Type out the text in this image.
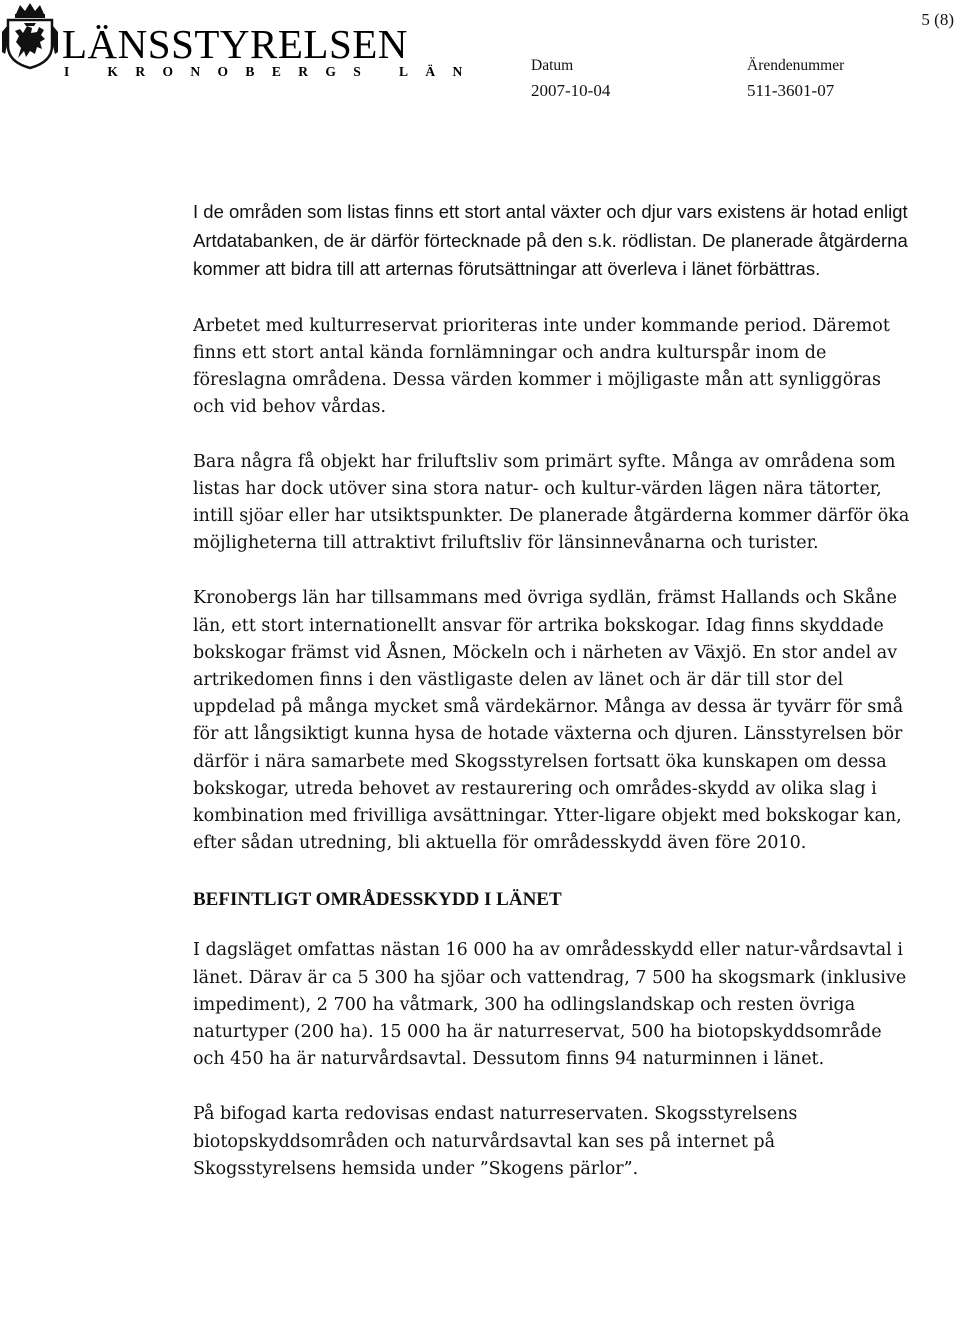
LÄNSSTYRELSEN
I KRONOBERGS LÄN
5 (8)
Datum
2007-10-04
Ärendenummer
511-3601-07

I de områden som listas finns ett stort antal växter och djur vars existens är hotad enligt Artdatabanken, de är därför förtecknade på den s.k. rödlistan. De planerade åtgärderna kommer att bidra till att arternas förutsättningar att överleva i länet förbättras.

Arbetet med kulturreservat prioriteras inte under kommande period. Däremot finns ett stort antal kända fornlämningar och andra kulturspår inom de föreslagna områdena. Dessa värden kommer i möjligaste mån att synliggöras och vid behov vårdas.

Bara några få objekt har friluftsliv som primärt syfte. Många av områdena som listas har dock utöver sina stora natur- och kultur-värden lägen nära tätorter, intill sjöar eller har utsiktspunkter. De planerade åtgärderna kommer därför öka möjligheterna till attraktivt friluftsliv för länsinnevånarna och turister.

Kronobergs län har tillsammans med övriga sydlän, främst Hallands och Skåne län, ett stort internationellt ansvar för artrika bokskogar. Idag finns skyddade bokskogar främst vid Åsnen, Möckeln och i närheten av Växjö. En stor andel av artrikedomen finns i den västligaste delen av länet och är där till stor del uppdelad på många mycket små värdekärnor. Många av dessa är tyvärr för små för att långsiktigt kunna hysa de hotade växterna och djuren. Länsstyrelsen bör därför i nära samarbete med Skogsstyrelsen fortsatt öka kunskapen om dessa bokskogar, utreda behovet av restaurering och områdes-skydd av olika slag i kombination med frivilliga avsättningar. Ytter-ligare objekt med bokskogar kan, efter sådan utredning, bli aktuella för områdesskydd även före 2010.

BEFINTLIGT OMRÅDESSKYDD I LÄNET

I dagsläget omfattas nästan 16 000 ha av områdesskydd eller natur-vårdsavtal i länet. Därav är ca 5 300 ha sjöar och vattendrag, 7 500 ha skogsmark (inklusive impediment), 2 700 ha våtmark, 300 ha odlingslandskap och resten övriga naturtyper (200 ha). 15 000 ha är naturreservat, 500 ha biotopskyddsområde och 450 ha är naturvårdsavtal. Dessutom finns 94 naturminnen i länet.

På bifogad karta redovisas endast naturreservaten. Skogsstyrelsens biotopskyddsområden och naturvårdsavtal kan ses på internet på Skogsstyrelsens hemsida under ”Skogens pärlor”.
